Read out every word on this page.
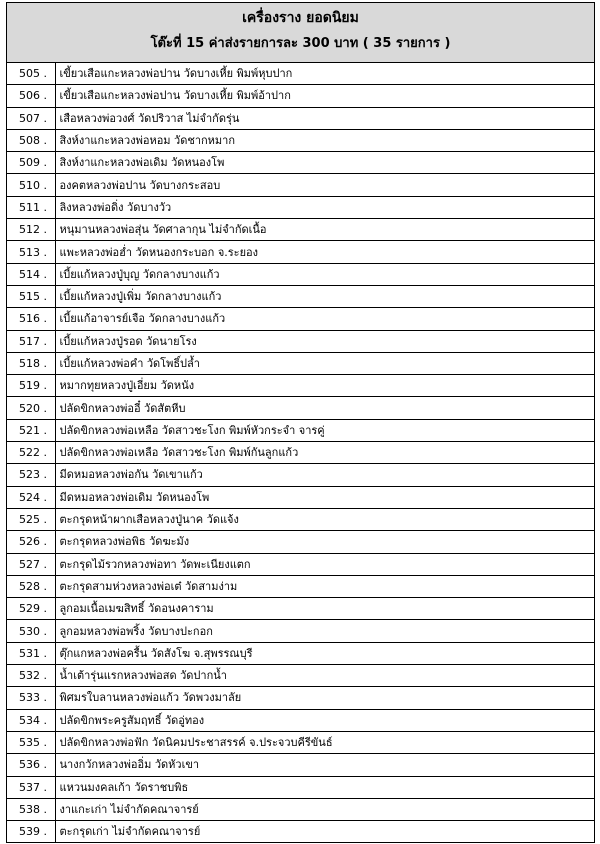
เครื่องราง ยอดนิยม
โต๊ะที่ 15 ค่าส่งรายการละ 300 บาท ( 35 รายการ )
505 .	เขี้ยวเสือแกะหลวงพ่อปาน วัดบางเหี้ย พิมพ์หุบปาก
506 .	เขี้ยวเสือแกะหลวงพ่อปาน วัดบางเหี้ย พิมพ์อ้าปาก
507 .	เสือหลวงพ่อวงศ์ วัดปริวาส ไม่จำกัดรุ่น
508 .	สิงห์งาแกะหลวงพ่อหอม วัดชากหมาก
509 .	สิงห์งาแกะหลวงพ่อเดิม วัดหนองโพ
510 .	องคตหลวงพ่อปาน วัดบางกระสอบ
511 .	ลิงหลวงพ่อดิ่ง วัดบางวัว
512 .	หนุมานหลวงพ่อสุ่น วัดศาลากุน ไม่จำกัดเนื้อ
513 .	แพะหลวงพ่อฮ่ำ วัดหนองกระบอก จ.ระยอง
514 .	เบี้ยแก้หลวงปู่บุญ วัดกลางบางแก้ว
515 .	เบี้ยแก้หลวงปู่เพิ่ม วัดกลางบางแก้ว
516 .	เบี้ยแก้อาจารย์เจือ วัดกลางบางแก้ว
517 .	เบี้ยแก้หลวงปู่รอด วัดนายโรง
518 .	เบี้ยแก้หลวงพ่อคำ วัดโพธิ์ปล้ำ
519 .	หมากทุยหลวงปู่เอี่ยม วัดหนัง
520 .	ปลัดขิกหลวงพ่ออี๋ วัดสัตหีบ
521 .	ปลัดขิกหลวงพ่อเหลือ วัดสาวชะโงก พิมพ์หัวกระจำ จารคู่
522 .	ปลัดขิกหลวงพ่อเหลือ วัดสาวชะโงก พิมพ์กันลูกแก้ว
523 .	มีดหมอหลวงพ่อกัน วัดเขาแก้ว
524 .	มีดหมอหลวงพ่อเดิม วัดหนองโพ
525 .	ตะกรุดหน้าผากเสือหลวงปู่นาค วัดแจ้ง
526 .	ตะกรุดหลวงพ่อพิธ วัดฆะมัง
527 .	ตะกรุดไม้รวกหลวงพ่อทา วัดพะเนียงแตก
528 .	ตะกรุดสามห่วงหลวงพ่อเต๋ วัดสามง่าม
529 .	ลูกอมเนื้อเมฆสิทธิ์ วัดอนงคาราม
530 .	ลูกอมหลวงพ่อพริ้ง วัดบางปะกอก
531 .	ตุ๊กแกหลวงพ่อครื้น วัดสังโฆ จ.สุพรรณบุรี
532 .	น้ำเต้ารุ่นแรกหลวงพ่อสด วัดปากน้ำ
533 .	พิศมรใบลานหลวงพ่อแก้ว วัดพวงมาลัย
534 .	ปลัดขิกพระครูสัมฤทธิ์ วัดอู่ทอง
535 .	ปลัดขิกหลวงพ่อฟัก วัดนิคมประชาสรรค์ จ.ประจวบคีรีขันธ์
536 .	นางกวักหลวงพ่ออิ่ม วัดหัวเขา
537 .	แหวนมงคลเก้า วัดราชบพิธ
538 .	งาแกะเก่า ไม่จำกัดคณาจารย์
539 .	ตะกรุดเก่า ไม่จำกัดคณาจารย์
